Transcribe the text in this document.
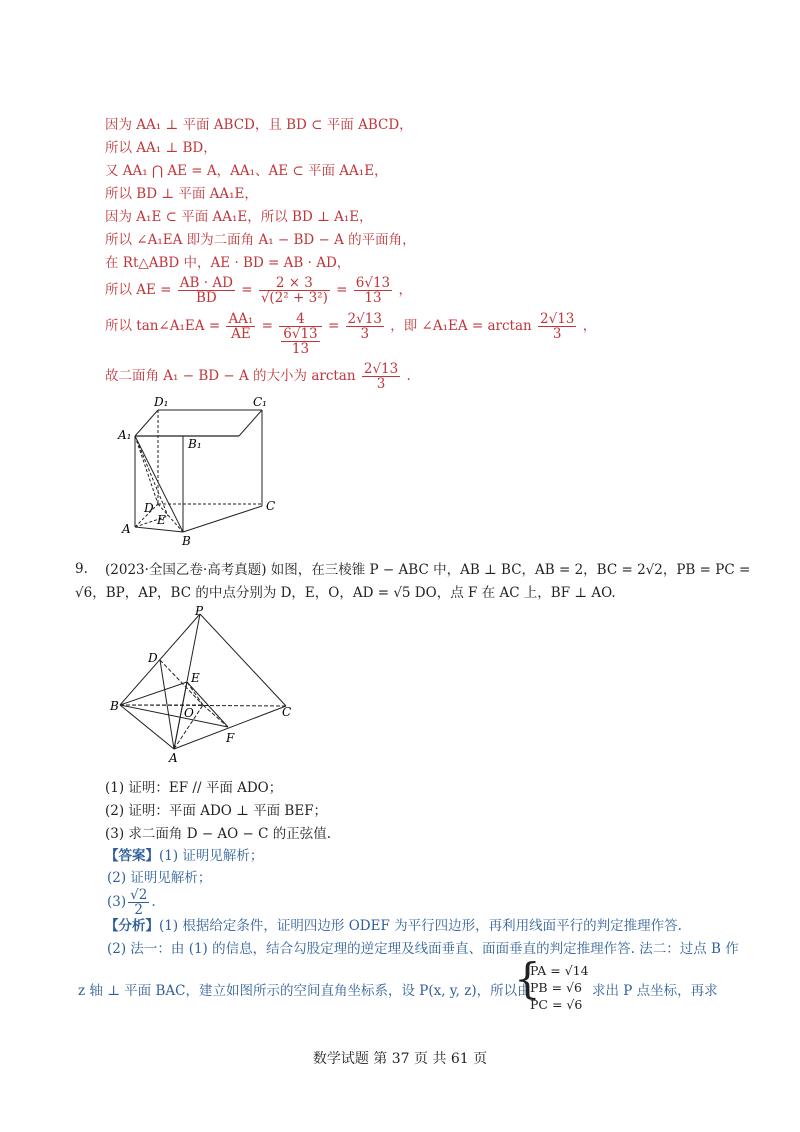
因为 AA₁ ⊥ 平面 ABCD，且 BD ⊂ 平面 ABCD，
所以 AA₁ ⊥ BD，
又 AA₁ ⋂ AE = A，AA₁、AE ⊂ 平面 AA₁E，
所以 BD ⊥ 平面 AA₁E，
因为 A₁E ⊂ 平面 AA₁E，所以 BD ⊥ A₁E，
所以 ∠A₁EA 即为二面角 A₁ − BD − A 的平面角，
在 Rt△ABD 中，AE · BD = AB · AD，
所以 AE = $\frac{AB \cdot AD}{BD} = \frac{2 \times 3}{\text{√(2² + 3²)}} = \frac{6√13}{13}$ ，
所以 tan∠A₁EA = $\frac{\text{AA₁}}{AE} = \frac{4}{\frac{6√13}{13}} = \frac{2√13}{3}$ ，即 ∠A₁EA = $\arctan \frac{2√13}{3}$ ，
故二面角 A₁ − BD − A 的大小为 $\arctan \frac{2√13}{3}$ .
D₁	C₁
A₁
B₁
D
E
C
A
B
9. (2023·全国乙卷·高考真题) 如图，在三棱锥 P − ABC 中，AB ⊥ BC，AB = 2，BC = 2√2，PB = PC =
√6，BP，AP，BC 的中点分别为 D，E，O，AD = √5 DO，点 F 在 AC 上，BF ⊥ AO.
P
D
E
B	O	C
F
A
(1) 证明：EF // 平面 ADO；
(2) 证明：平面 ADO ⊥ 平面 BEF；
(3) 求二面角 D − AO − C 的正弦值.
【答案】(1) 证明见解析；
(2) 证明见解析；
$(3) \frac{√2}{2}$ .
【分析】(1) 根据给定条件，证明四边形 ODEF 为平行四边形，再利用线面平行的判定推理作答.
(2) 法一：由 (1) 的信息，结合勾股定理的逆定理及线面垂直、面面垂直的判定推理作答. 法二：过点 B 作
z 轴 ⊥ 平面 BAC，建立如图所示的空间直角坐标系，设 P(x, y, z)，所以由
{
PA = √14
PB = √6
PC = √6
求出 P 点坐标，再求
数学试题 第 37 页 共 61 页
